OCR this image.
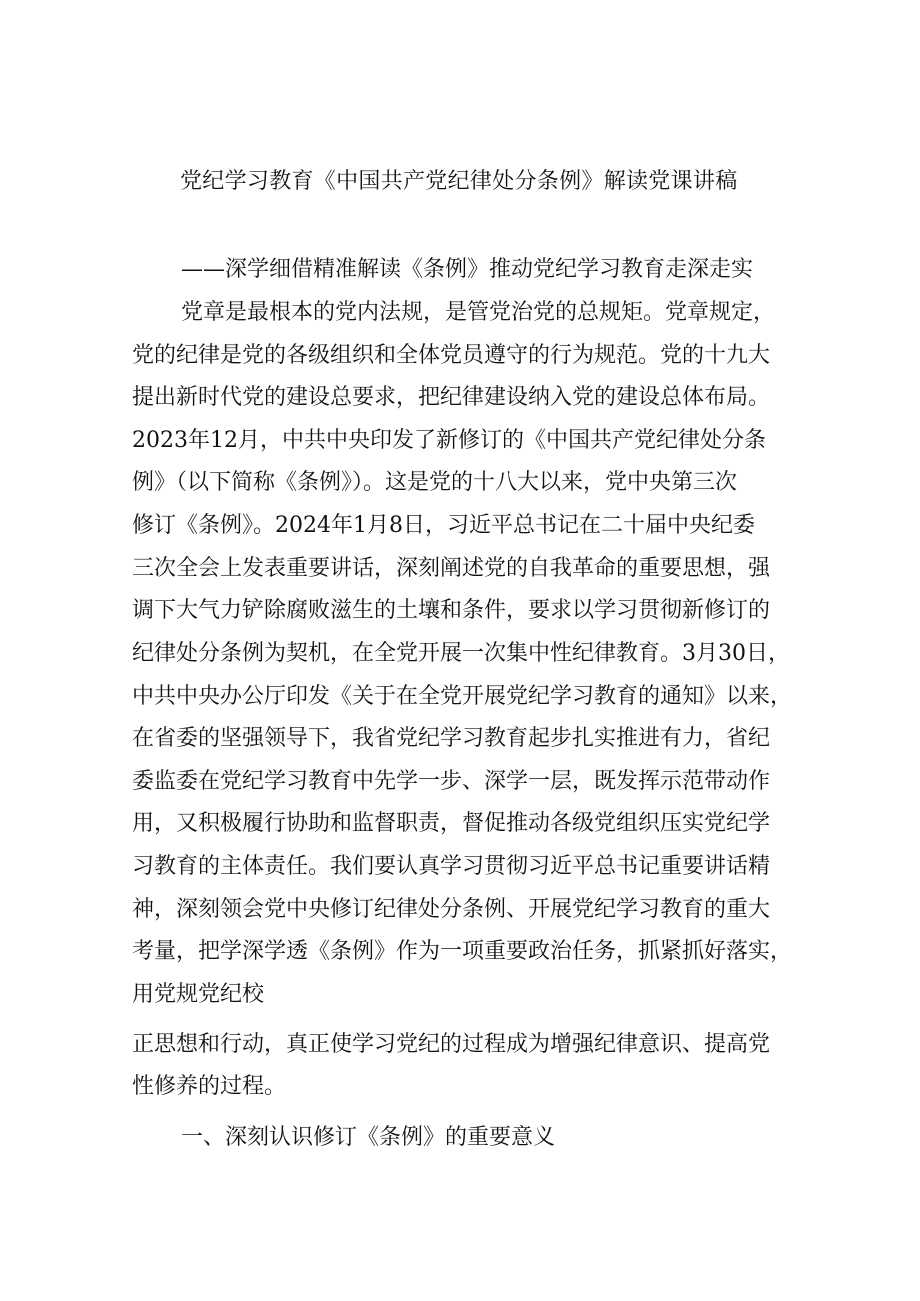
党纪学习教育《中国共产党纪律处分条例》解读党课讲稿
——深学细借精准解读《条例》推动党纪学习教育走深走实
党章是最根本的党内法规，是管党治党的总规矩。党章规定，
党的纪律是党的各级组织和全体党员遵守的行为规范。党的十九大
提出新时代党的建设总要求，把纪律建设纳入党的建设总体布局。
2023年12月，中共中央印发了新修订的《中国共产党纪律处分条
例》（以下简称《条例》）。这是党的十八大以来，党中央第三次
修订《条例》。2024年1月8日，习近平总书记在二十届中央纪委
三次全会上发表重要讲话，深刻阐述党的自我革命的重要思想，强
调下大气力铲除腐败滋生的土壤和条件，要求以学习贯彻新修订的
纪律处分条例为契机，在全党开展一次集中性纪律教育。3月30日，
中共中央办公厅印发《关于在全党开展党纪学习教育的通知》以来，
在省委的坚强领导下，我省党纪学习教育起步扎实推进有力，省纪
委监委在党纪学习教育中先学一步、深学一层，既发挥示范带动作
用，又积极履行协助和监督职责，督促推动各级党组织压实党纪学
习教育的主体责任。我们要认真学习贯彻习近平总书记重要讲话精
神，深刻领会党中央修订纪律处分条例、开展党纪学习教育的重大
考量，把学深学透《条例》作为一项重要政治任务，抓紧抓好落实，
用党规党纪校
正思想和行动，真正使学习党纪的过程成为增强纪律意识、提高党
性修养的过程。
一、深刻认识修订《条例》的重要意义
